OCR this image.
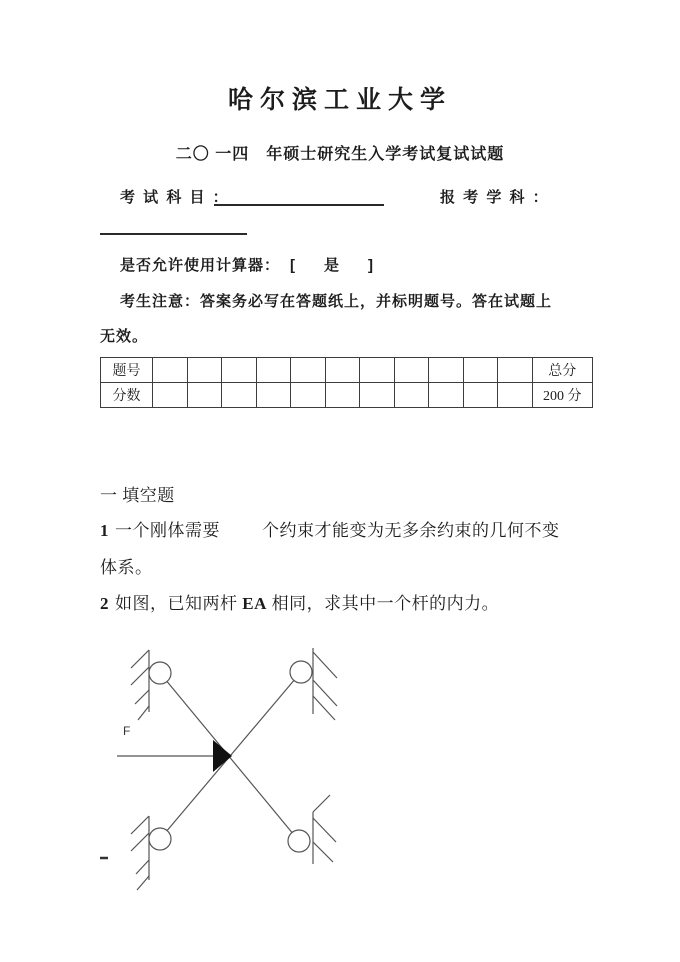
哈尔滨工业大学
二〇 一四　年硕士研究生入学考试复试试题
考 试 科 目 ：	报 考 学 科 ：
是否允许使用计算器： [ 是 ]
考生注意：答案务必写在答题纸上，并标明题号。答在试题上
无效。
题号												总分
分数												200 分
一 填空题
1 一个刚体需要 个约束才能变为无多余约束的几何不变
体系。
2 如图，已知两杆 EA 相同，求其中一个杆的内力。
F
